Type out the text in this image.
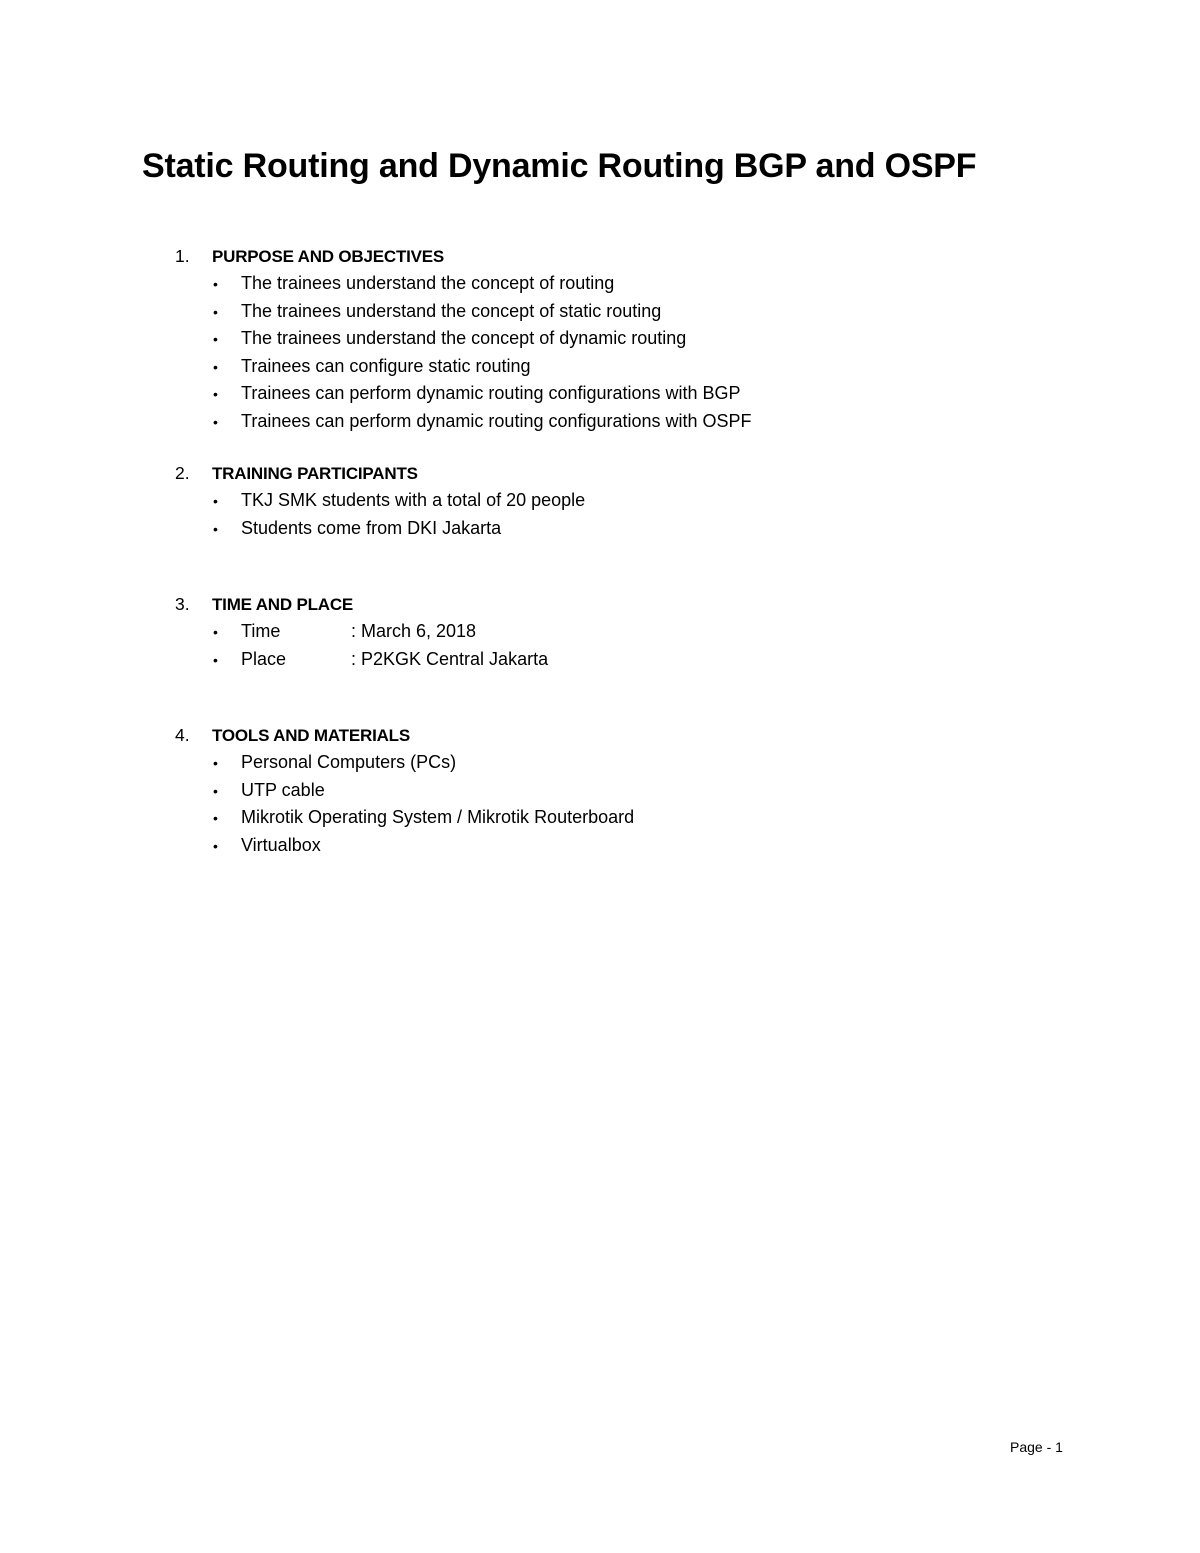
Static Routing and Dynamic Routing BGP and OSPF
1.	PURPOSE AND OBJECTIVES
•	The trainees understand the concept of routing
•	The trainees understand the concept of static routing
•	The trainees understand the concept of dynamic routing
•	Trainees can configure static routing
•	Trainees can perform dynamic routing configurations with BGP
•	Trainees can perform dynamic routing configurations with OSPF
2.	TRAINING PARTICIPANTS
•	TKJ SMK students with a total of 20 people
•	Students come from DKI Jakarta
3.	TIME AND PLACE
•	Time	: March 6, 2018
•	Place	: P2KGK Central Jakarta
4.	TOOLS AND MATERIALS
•	Personal Computers (PCs)
•	UTP cable
•	Mikrotik Operating System / Mikrotik Routerboard
•	Virtualbox
Page - 1
